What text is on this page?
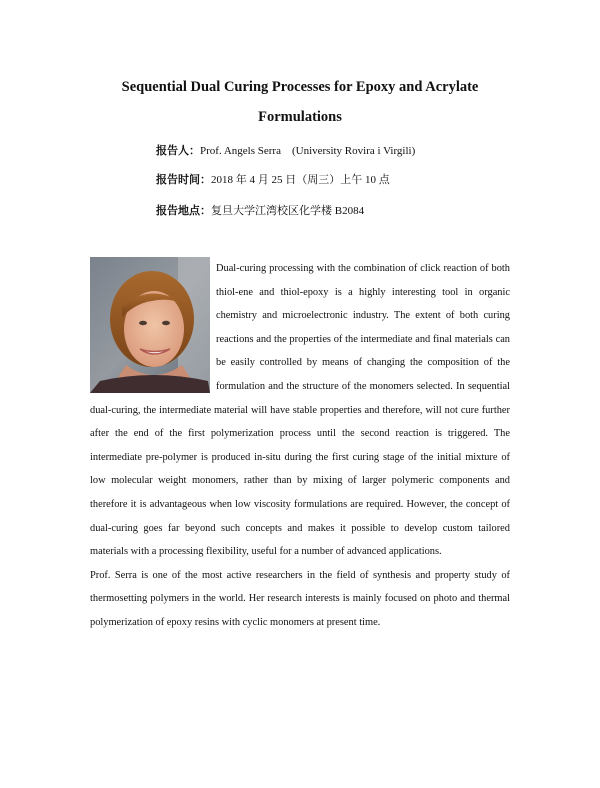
Sequential Dual Curing Processes for Epoxy and Acrylate Formulations

报告人：Prof. Angels Serra　(University Rovira i Virgili)

报告时间：2018 年 4 月 25 日（周三）上午 10 点

报告地点：复旦大学江湾校区化学楼 B2084

Dual-curing processing with the combination of click reaction of both thiol-ene and thiol-epoxy is a highly interesting tool in organic chemistry and microelectronic industry. The extent of both curing reactions and the properties of the intermediate and final materials can be easily controlled by means of changing the composition of the formulation and the structure of the monomers selected. In sequential dual-curing, the intermediate material will have stable properties and therefore, will not cure further after the end of the first polymerization process until the second reaction is triggered. The intermediate pre-polymer is produced in-situ during the first curing stage of the initial mixture of low molecular weight monomers, rather than by mixing of larger polymeric components and therefore it is advantageous when low viscosity formulations are required. However, the concept of dual-curing goes far beyond such concepts and makes it possible to develop custom tailored materials with a processing flexibility, useful for a number of advanced applications.

Prof. Serra is one of the most active researchers in the field of synthesis and property study of thermosetting polymers in the world. Her research interests is mainly focused on photo and thermal polymerization of epoxy resins with cyclic monomers at present time.
